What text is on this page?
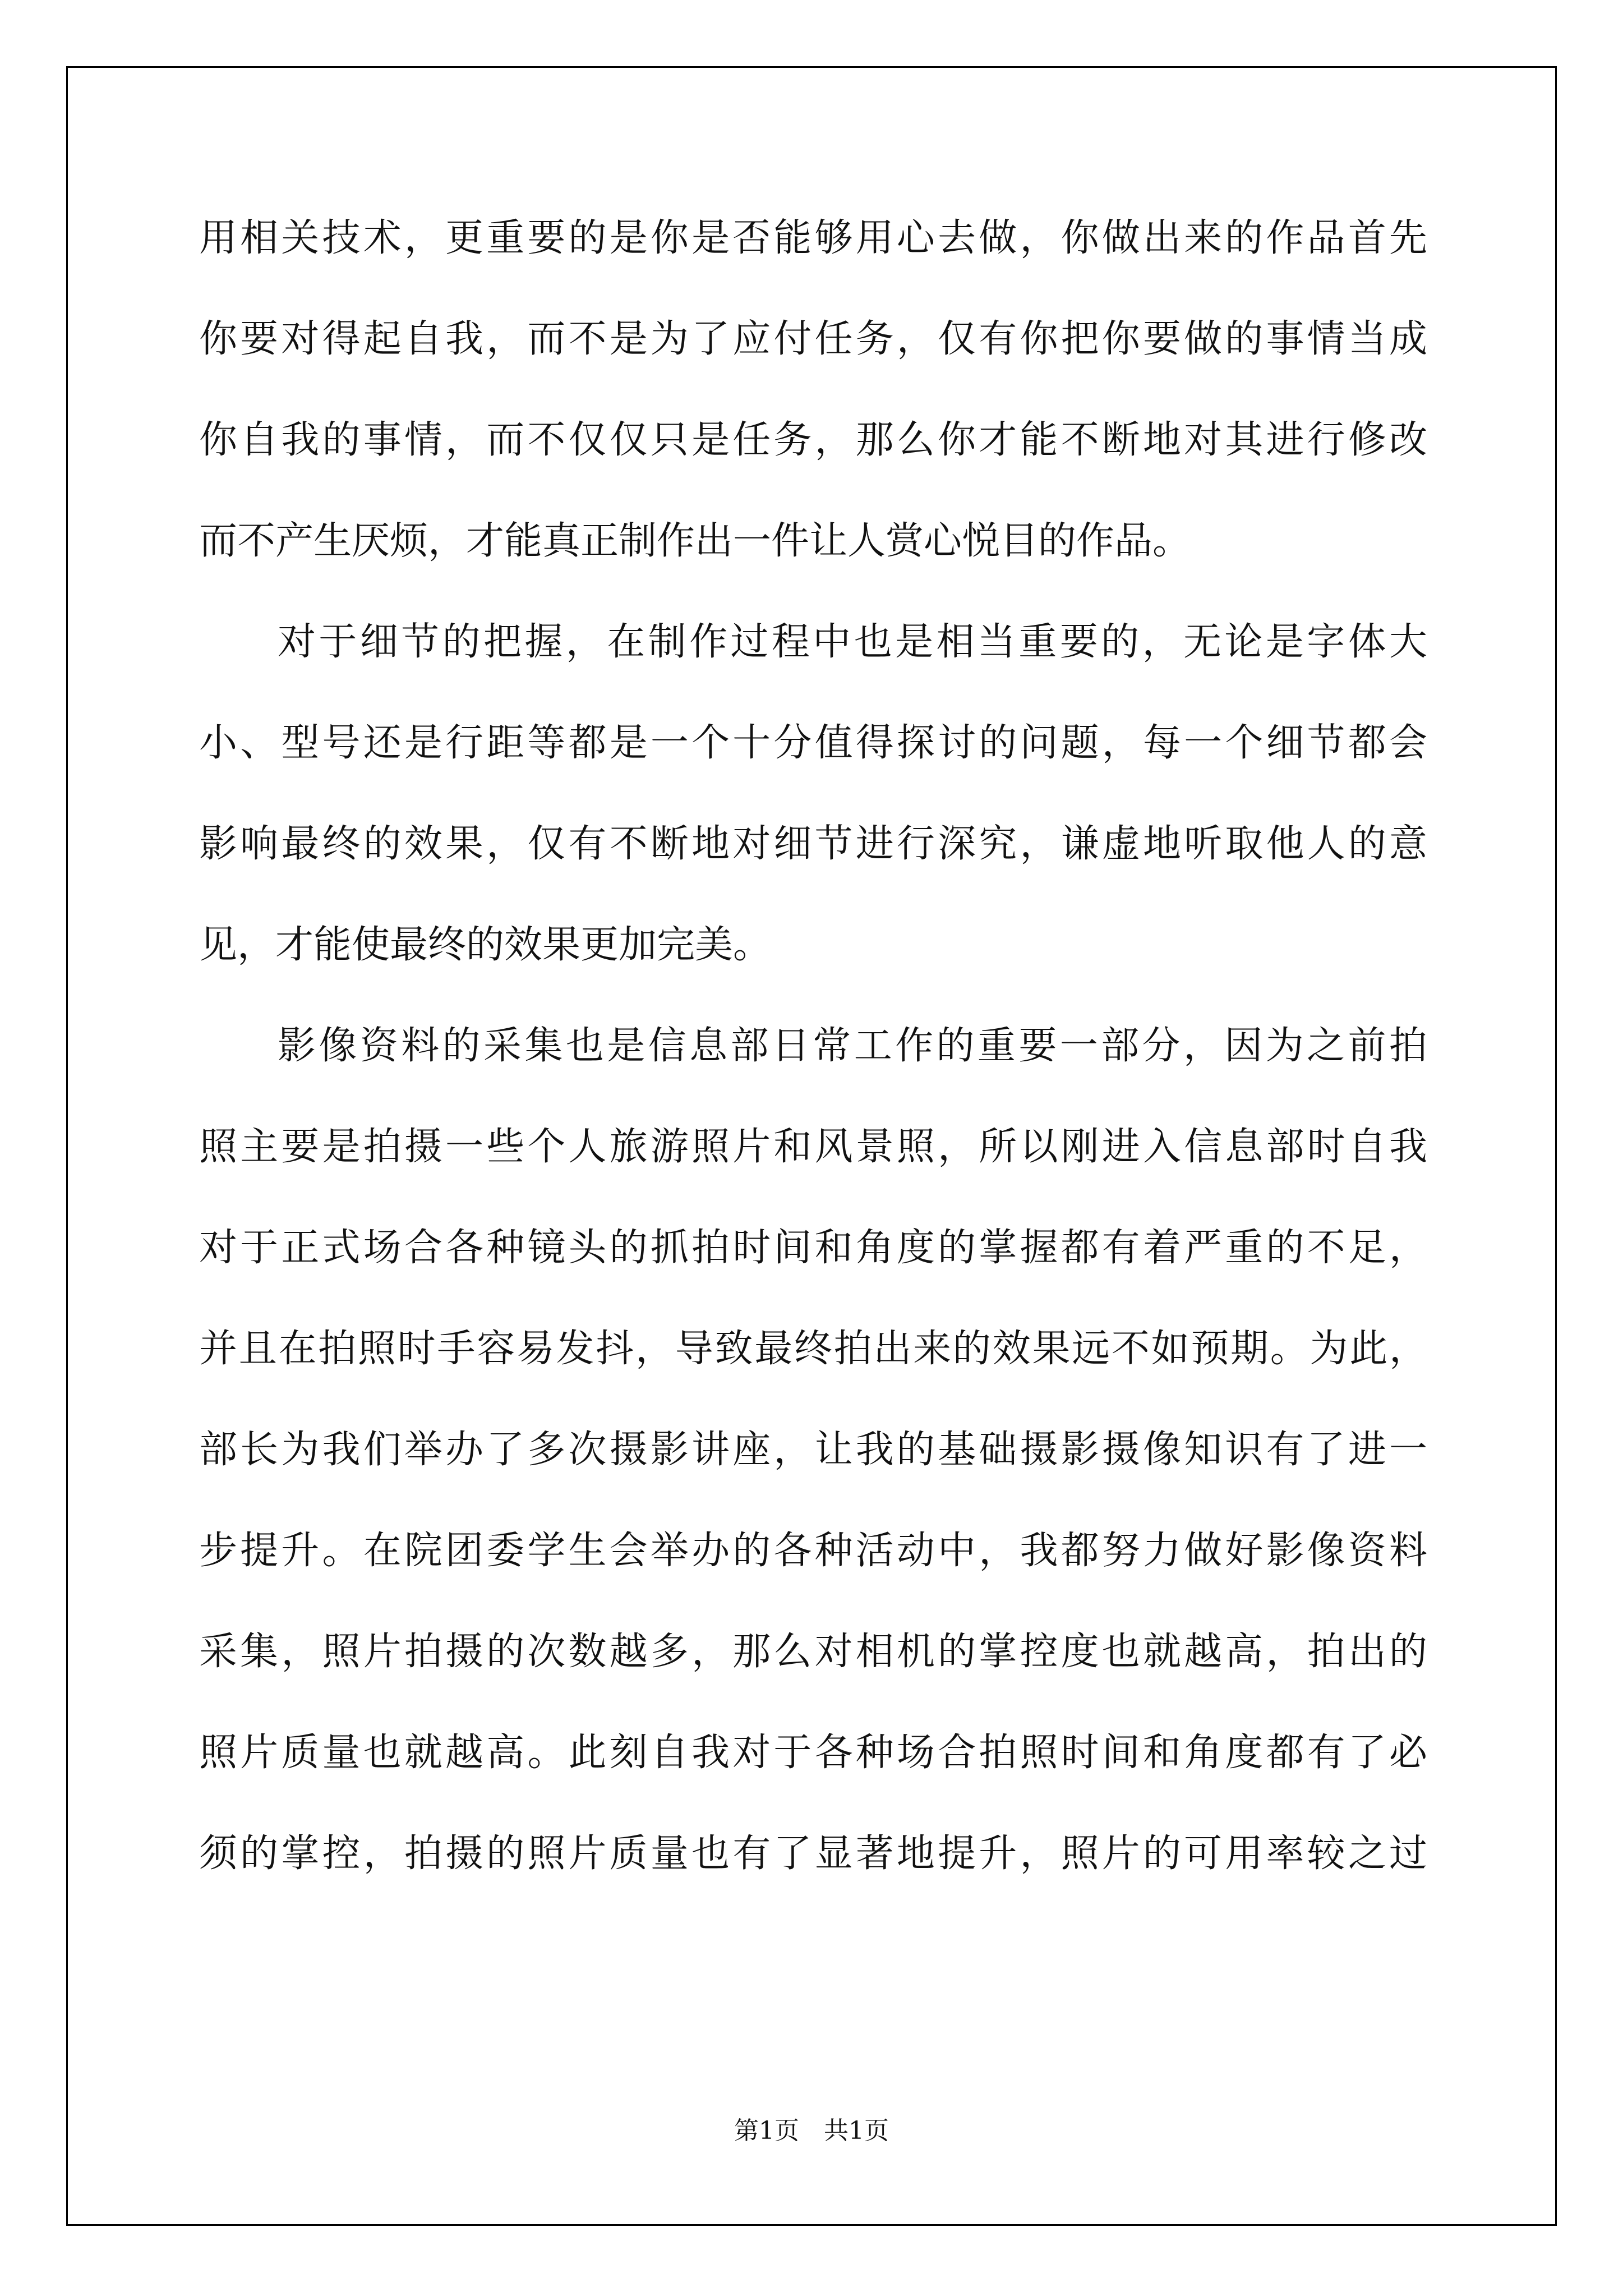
用相关技术，更重要的是你是否能够用心去做，你做出来的作品首先
你要对得起自我，而不是为了应付任务，仅有你把你要做的事情当成
你自我的事情，而不仅仅只是任务，那么你才能不断地对其进行修改
而不产生厌烦，才能真正制作出一件让人赏心悦目的作品。
对于细节的把握，在制作过程中也是相当重要的，无论是字体大
小、型号还是行距等都是一个十分值得探讨的问题，每一个细节都会
影响最终的效果，仅有不断地对细节进行深究，谦虚地听取他人的意
见，才能使最终的效果更加完美。
影像资料的采集也是信息部日常工作的重要一部分，因为之前拍
照主要是拍摄一些个人旅游照片和风景照，所以刚进入信息部时自我
对于正式场合各种镜头的抓拍时间和角度的掌握都有着严重的不足，
并且在拍照时手容易发抖，导致最终拍出来的效果远不如预期。为此，
部长为我们举办了多次摄影讲座，让我的基础摄影摄像知识有了进一
步提升。在院团委学生会举办的各种活动中，我都努力做好影像资料
采集，照片拍摄的次数越多，那么对相机的掌控度也就越高，拍出的
照片质量也就越高。此刻自我对于各种场合拍照时间和角度都有了必
须的掌控，拍摄的照片质量也有了显著地提升，照片的可用率较之过
第1页　共1页
